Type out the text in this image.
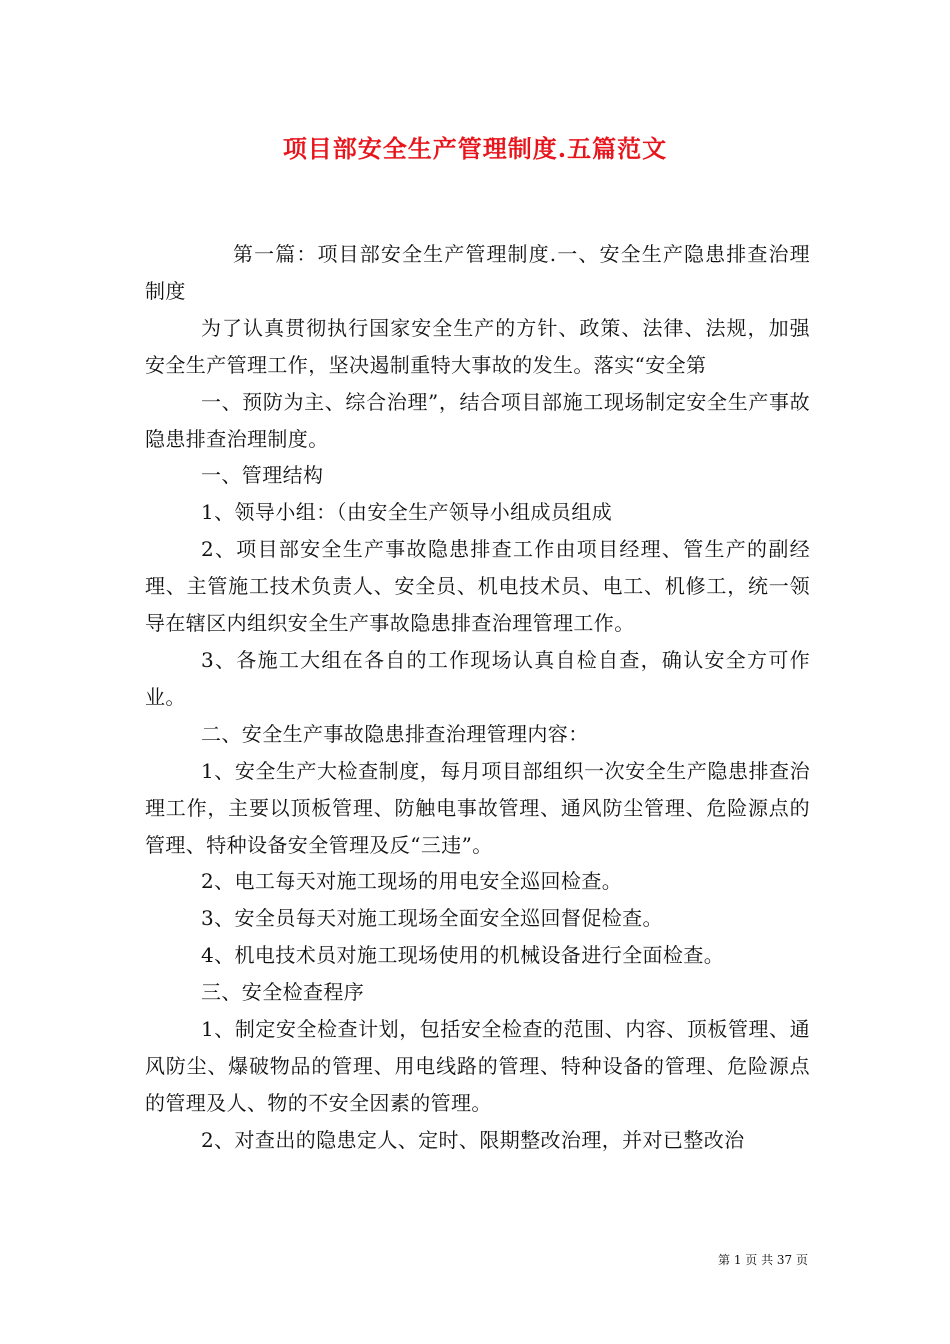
项目部安全生产管理制度.五篇范文

第一篇：项目部安全生产管理制度.一、安全生产隐患排查治理制度

为了认真贯彻执行国家安全生产的方针、政策、法律、法规，加强安全生产管理工作，坚决遏制重特大事故的发生。落实“安全第

一、预防为主、综合治理”，结合项目部施工现场制定安全生产事故隐患排查治理制度。

一、管理结构

1、领导小组：（由安全生产领导小组成员组成

2、项目部安全生产事故隐患排查工作由项目经理、管生产的副经理、主管施工技术负责人、安全员、机电技术员、电工、机修工，统一领导在辖区内组织安全生产事故隐患排查治理管理工作。

3、各施工大组在各自的工作现场认真自检自查，确认安全方可作业。

二、安全生产事故隐患排查治理管理内容：

1、安全生产大检查制度，每月项目部组织一次安全生产隐患排查治理工作，主要以顶板管理、防触电事故管理、通风防尘管理、危险源点的管理、特种设备安全管理及反“三违”。

2、电工每天对施工现场的用电安全巡回检查。

3、安全员每天对施工现场全面安全巡回督促检查。

4、机电技术员对施工现场使用的机械设备进行全面检查。

三、安全检查程序

1、制定安全检查计划，包括安全检查的范围、内容、顶板管理、通风防尘、爆破物品的管理、用电线路的管理、特种设备的管理、危险源点的管理及人、物的不安全因素的管理。

2、对查出的隐患定人、定时、限期整改治理，并对已整改治

第 1 页 共 37 页
